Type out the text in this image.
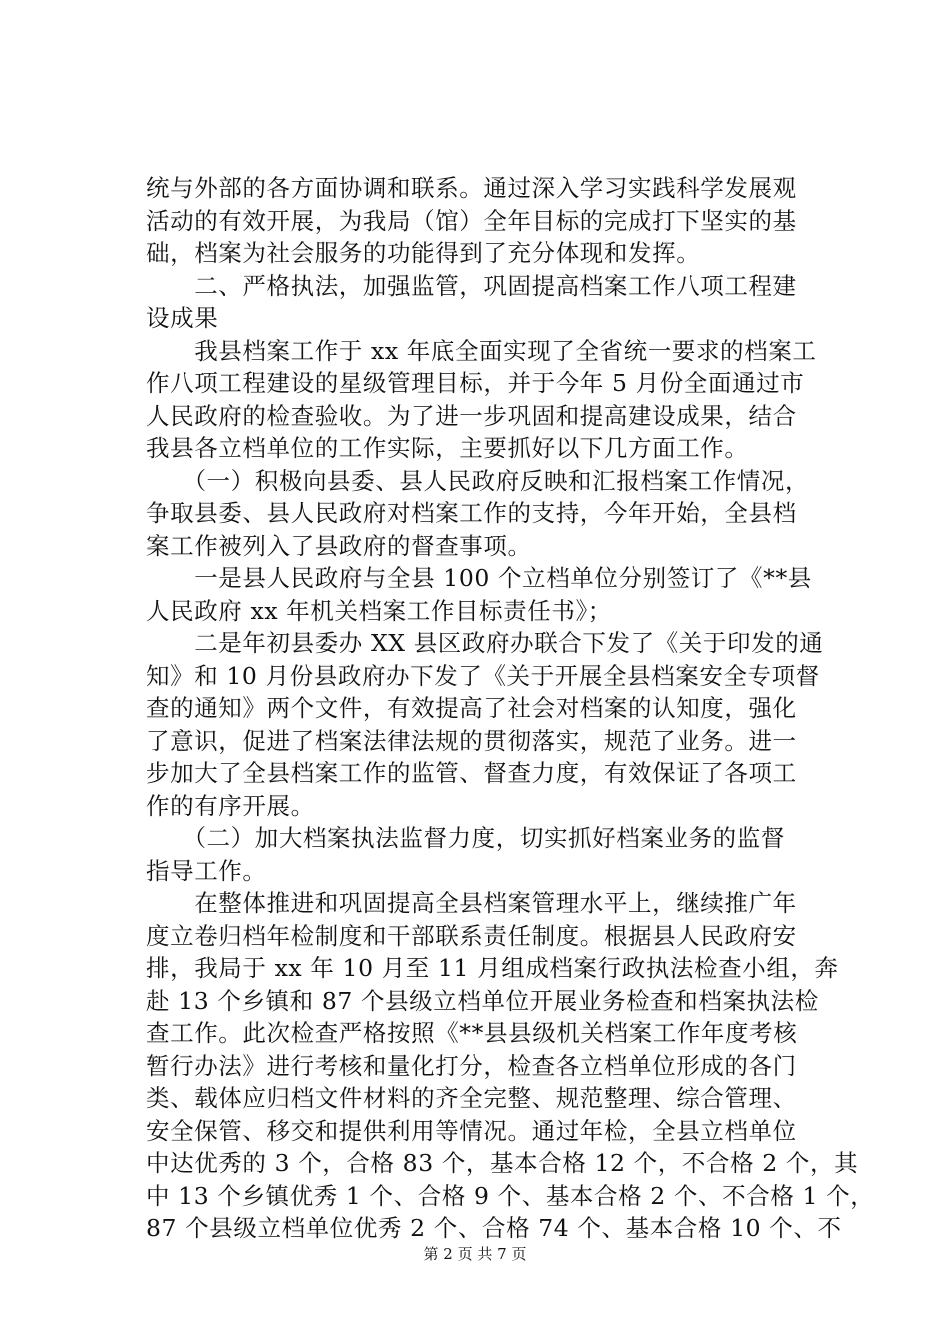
统与外部的各方面协调和联系。通过深入学习实践科学发展观
活动的有效开展，为我局（馆）全年目标的完成打下坚实的基
础，档案为社会服务的功能得到了充分体现和发挥。
　　二、严格执法，加强监管，巩固提高档案工作八项工程建
设成果
　　我县档案工作于 xx 年底全面实现了全省统一要求的档案工
作八项工程建设的星级管理目标，并于今年 5 月份全面通过市
人民政府的检查验收。为了进一步巩固和提高建设成果，结合
我县各立档单位的工作实际，主要抓好以下几方面工作。
　　（一）积极向县委、县人民政府反映和汇报档案工作情况，
争取县委、县人民政府对档案工作的支持，今年开始，全县档
案工作被列入了县政府的督查事项。
　　一是县人民政府与全县 100 个立档单位分别签订了《**县
人民政府 xx 年机关档案工作目标责任书》；
　　二是年初县委办 XX 县区政府办联合下发了《关于印发的通
知》和 10 月份县政府办下发了《关于开展全县档案安全专项督
查的通知》两个文件，有效提高了社会对档案的认知度，强化
了意识，促进了档案法律法规的贯彻落实，规范了业务。进一
步加大了全县档案工作的监管、督查力度，有效保证了各项工
作的有序开展。
　　（二）加大档案执法监督力度，切实抓好档案业务的监督
指导工作。
　　在整体推进和巩固提高全县档案管理水平上，继续推广年
度立卷归档年检制度和干部联系责任制度。根据县人民政府安
排，我局于 xx 年 10 月至 11 月组成档案行政执法检查小组，奔
赴 13 个乡镇和 87 个县级立档单位开展业务检查和档案执法检
查工作。此次检查严格按照《**县县级机关档案工作年度考核
暂行办法》进行考核和量化打分，检查各立档单位形成的各门
类、载体应归档文件材料的齐全完整、规范整理、综合管理、
安全保管、移交和提供利用等情况。通过年检，全县立档单位
中达优秀的 3 个，合格 83 个，基本合格 12 个，不合格 2 个，其
中 13 个乡镇优秀 1 个、合格 9 个、基本合格 2 个、不合格 1 个，
87 个县级立档单位优秀 2 个、合格 74 个、基本合格 10 个、不
第 2 页 共 7 页
